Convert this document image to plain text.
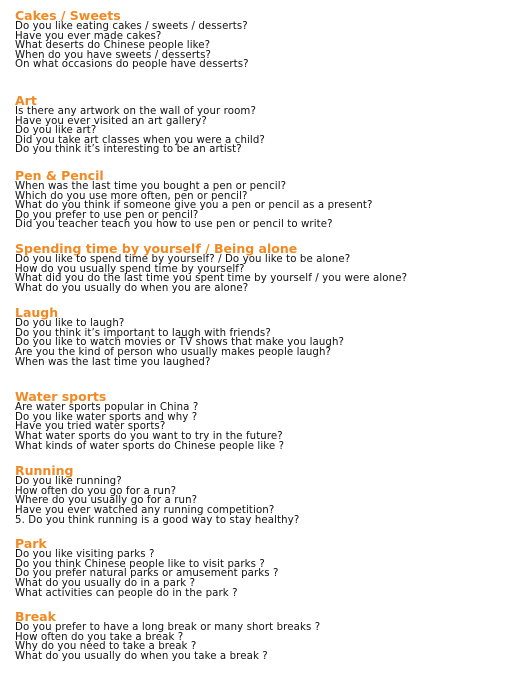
Cakes / Sweets
Do you like eating cakes / sweets / desserts?
Have you ever made cakes?
What deserts do Chinese people like?
When do you have sweets / desserts?
On what occasions do people have desserts?
Art
Is there any artwork on the wall of your room?
Have you ever visited an art gallery?
Do you like art?
Did you take art classes when you were a child?
Do you think it’s interesting to be an artist?
Pen & Pencil
When was the last time you bought a pen or pencil?
Which do you use more often, pen or pencil?
What do you think if someone give you a pen or pencil as a present?
Do you prefer to use pen or pencil?
Did you teacher teach you how to use pen or pencil to write?
Spending time by yourself / Being alone
Do you like to spend time by yourself? / Do you like to be alone?
How do you usually spend time by yourself?
What did you do the last time you spent time by yourself / you were alone?
What do you usually do when you are alone?
Laugh
Do you like to laugh?
Do you think it’s important to laugh with friends?
Do you like to watch movies or TV shows that make you laugh?
Are you the kind of person who usually makes people laugh?
When was the last time you laughed?
Water sports
Are water sports popular in China ?
Do you like water sports and why ?
Have you tried water sports?
What water sports do you want to try in the future?
What kinds of water sports do Chinese people like ?
Running
Do you like running?
How often do you go for a run?
Where do you usually go for a run?
Have you ever watched any running competition?
5. Do you think running is a good way to stay healthy?
Park
Do you like visiting parks ?
Do you think Chinese people like to visit parks ?
Do you prefer natural parks or amusement parks ?
What do you usually do in a park ?
What activities can people do in the park ?
Break
Do you prefer to have a long break or many short breaks ?
How often do you take a break ?
Why do you need to take a break ?
What do you usually do when you take a break ?
